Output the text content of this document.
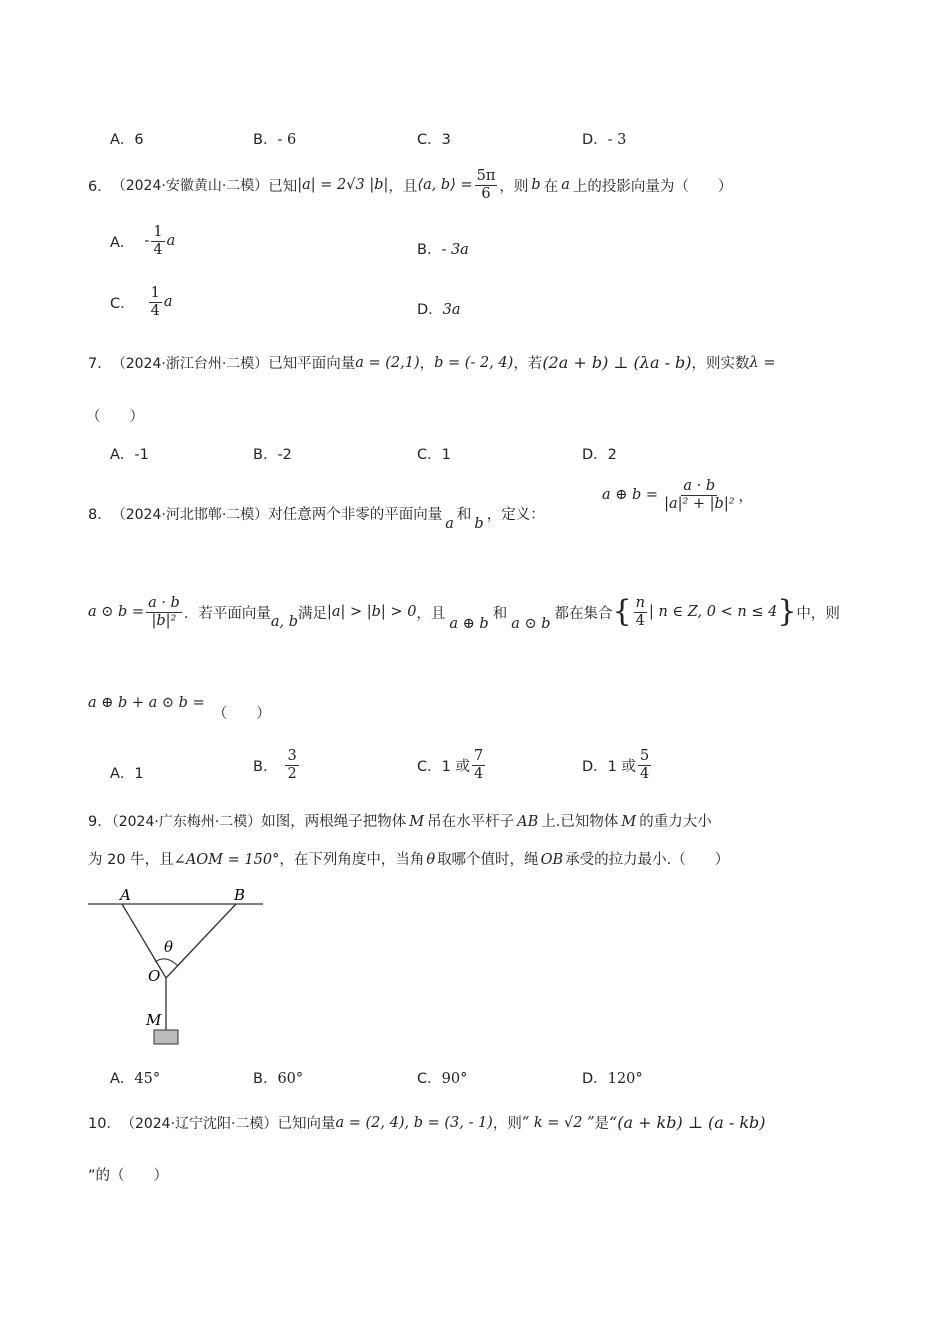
A．6	B．- 6	C．3	D．- 3
6． （2024·安徽黄山·二模） 已知 |a| = 2√3 |b| ，且 ⟨a, b⟩ = $\frac{5\pi}{6}$ ，则 b 在 a 上的投影向量为（　　）
A． - $\frac{1}{4}$ a
B．- 3a
C． $\frac{1}{4}$ a	D．3a
7． （2024·浙江台州·二模） 已知平面向量 a = (2,1) ， b = (- 2, 4) ，若 (2a + b) ⊥ (λa - b) ，则实数 λ =
（　　）
A．-1	B．-2	C．1	D．2
8． （2024·河北邯郸·二模） 对任意两个非零的平面向量
a
和
b
，定义：
a ⊕ $b = \frac{a \cdot b}{\text{|a|² + |b|²}}$ ，
a ⊙ $b = \frac{a \cdot b}{\text{|b|²}}$ ．若平面向量
a, b
满足 |a| > |b| > 0 ，且
a ⊕ b
和
a ⊙ b
都在集合 { $\frac{n}{4}$ | n ∈ Z, 0 < n ≤ 4 } 中，则
a ⊕ b + a ⊙ b =
（　　）
A．1	B． $\frac{3}{2}$	C． 1 或 $\frac{7}{4}$	D． 1 或 $\frac{5}{4}$
9．（2024·广东梅州·二模）如图，两根绳子把物体 M 吊在水平杆子 AB 上.已知物体 M 的重力大小
为 20 牛，且∠AOM = 150°，在下列角度中，当角 θ 取哪个值时，绳 OB 承受的拉力最小.（　　）
A	B
θ
O
M
A．45°	B．60°	C．90°	D．120°
10． （2024·辽宁沈阳·二模） 已知向量 a = (2, 4), b = (3, - 1) ，则 “ k = √2 ” 是 “(a + kb) ⊥ (a - kb)
”的（　　）
